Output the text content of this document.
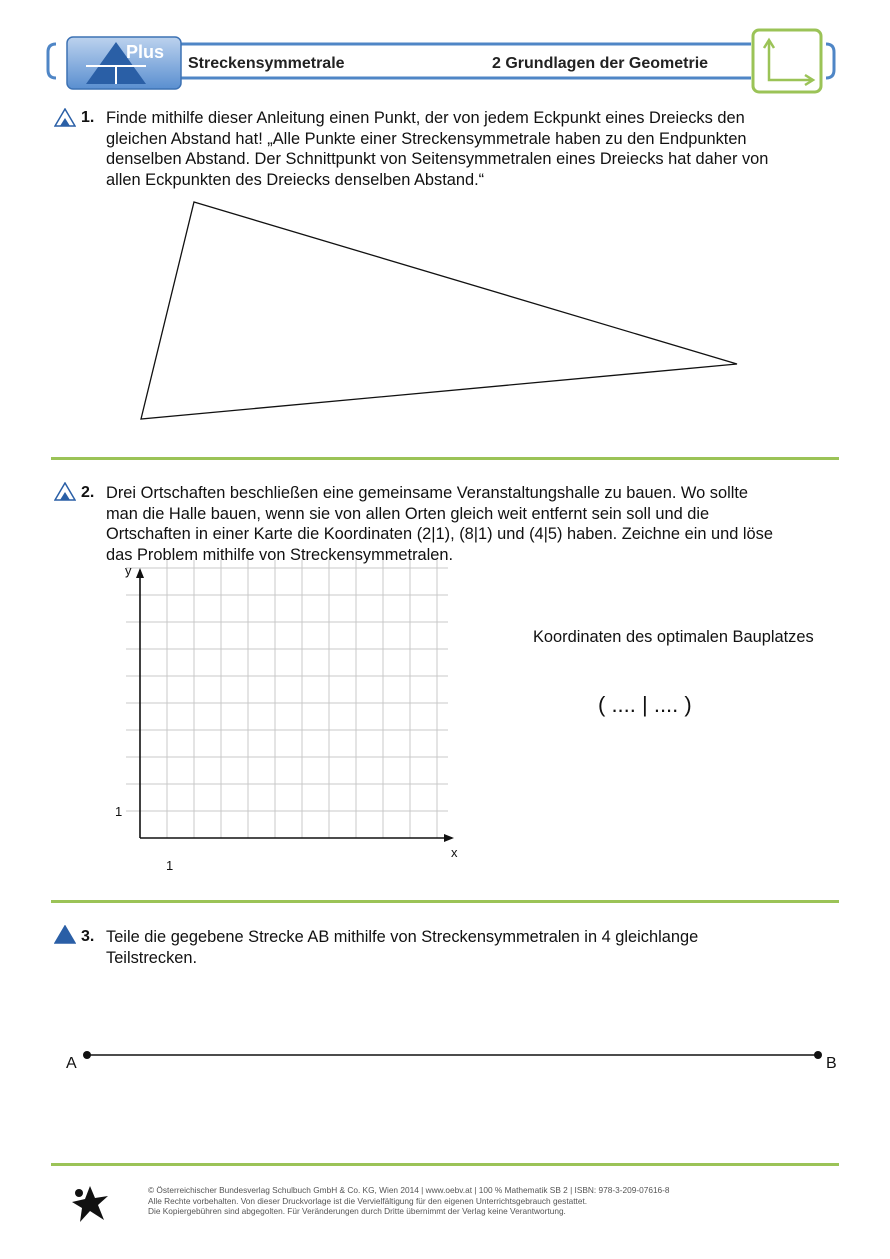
Plus
Streckensymmetrale	2 Grundlagen der Geometrie
1. Finde mithilfe dieser Anleitung einen Punkt, der von jedem Eckpunkt eines Dreiecks den
gleichen Abstand hat! „Alle Punkte einer Streckensymmetrale haben zu den Endpunkten
denselben Abstand. Der Schnittpunkt von Seitensymmetralen eines Dreiecks hat daher von
allen Eckpunkten des Dreiecks denselben Abstand.“
2. Drei Ortschaften beschließen eine gemeinsame Veranstaltungshalle zu bauen. Wo sollte
man die Halle bauen, wenn sie von allen Orten gleich weit entfernt sein soll und die
Ortschaften in einer Karte die Koordinaten (2|1), (8|1) und (4|5) haben. Zeichne ein und löse
das Problem mithilfe von Streckensymmetralen.
y
x
1
1
Koordinaten des optimalen Bauplatzes
( .... | .... )
3. Teile die gegebene Strecke AB mithilfe von Streckensymmetralen in 4 gleichlange
Teilstrecken.
A	B
© Österreichischer Bundesverlag Schulbuch GmbH & Co. KG, Wien 2014 | www.oebv.at | 100 % Mathematik SB 2 | ISBN: 978-3-209-07616-8
Alle Rechte vorbehalten. Von dieser Druckvorlage ist die Vervielfältigung für den eigenen Unterrichtsgebrauch gestattet.
Die Kopiergebühren sind abgegolten. Für Veränderungen durch Dritte übernimmt der Verlag keine Verantwortung.
